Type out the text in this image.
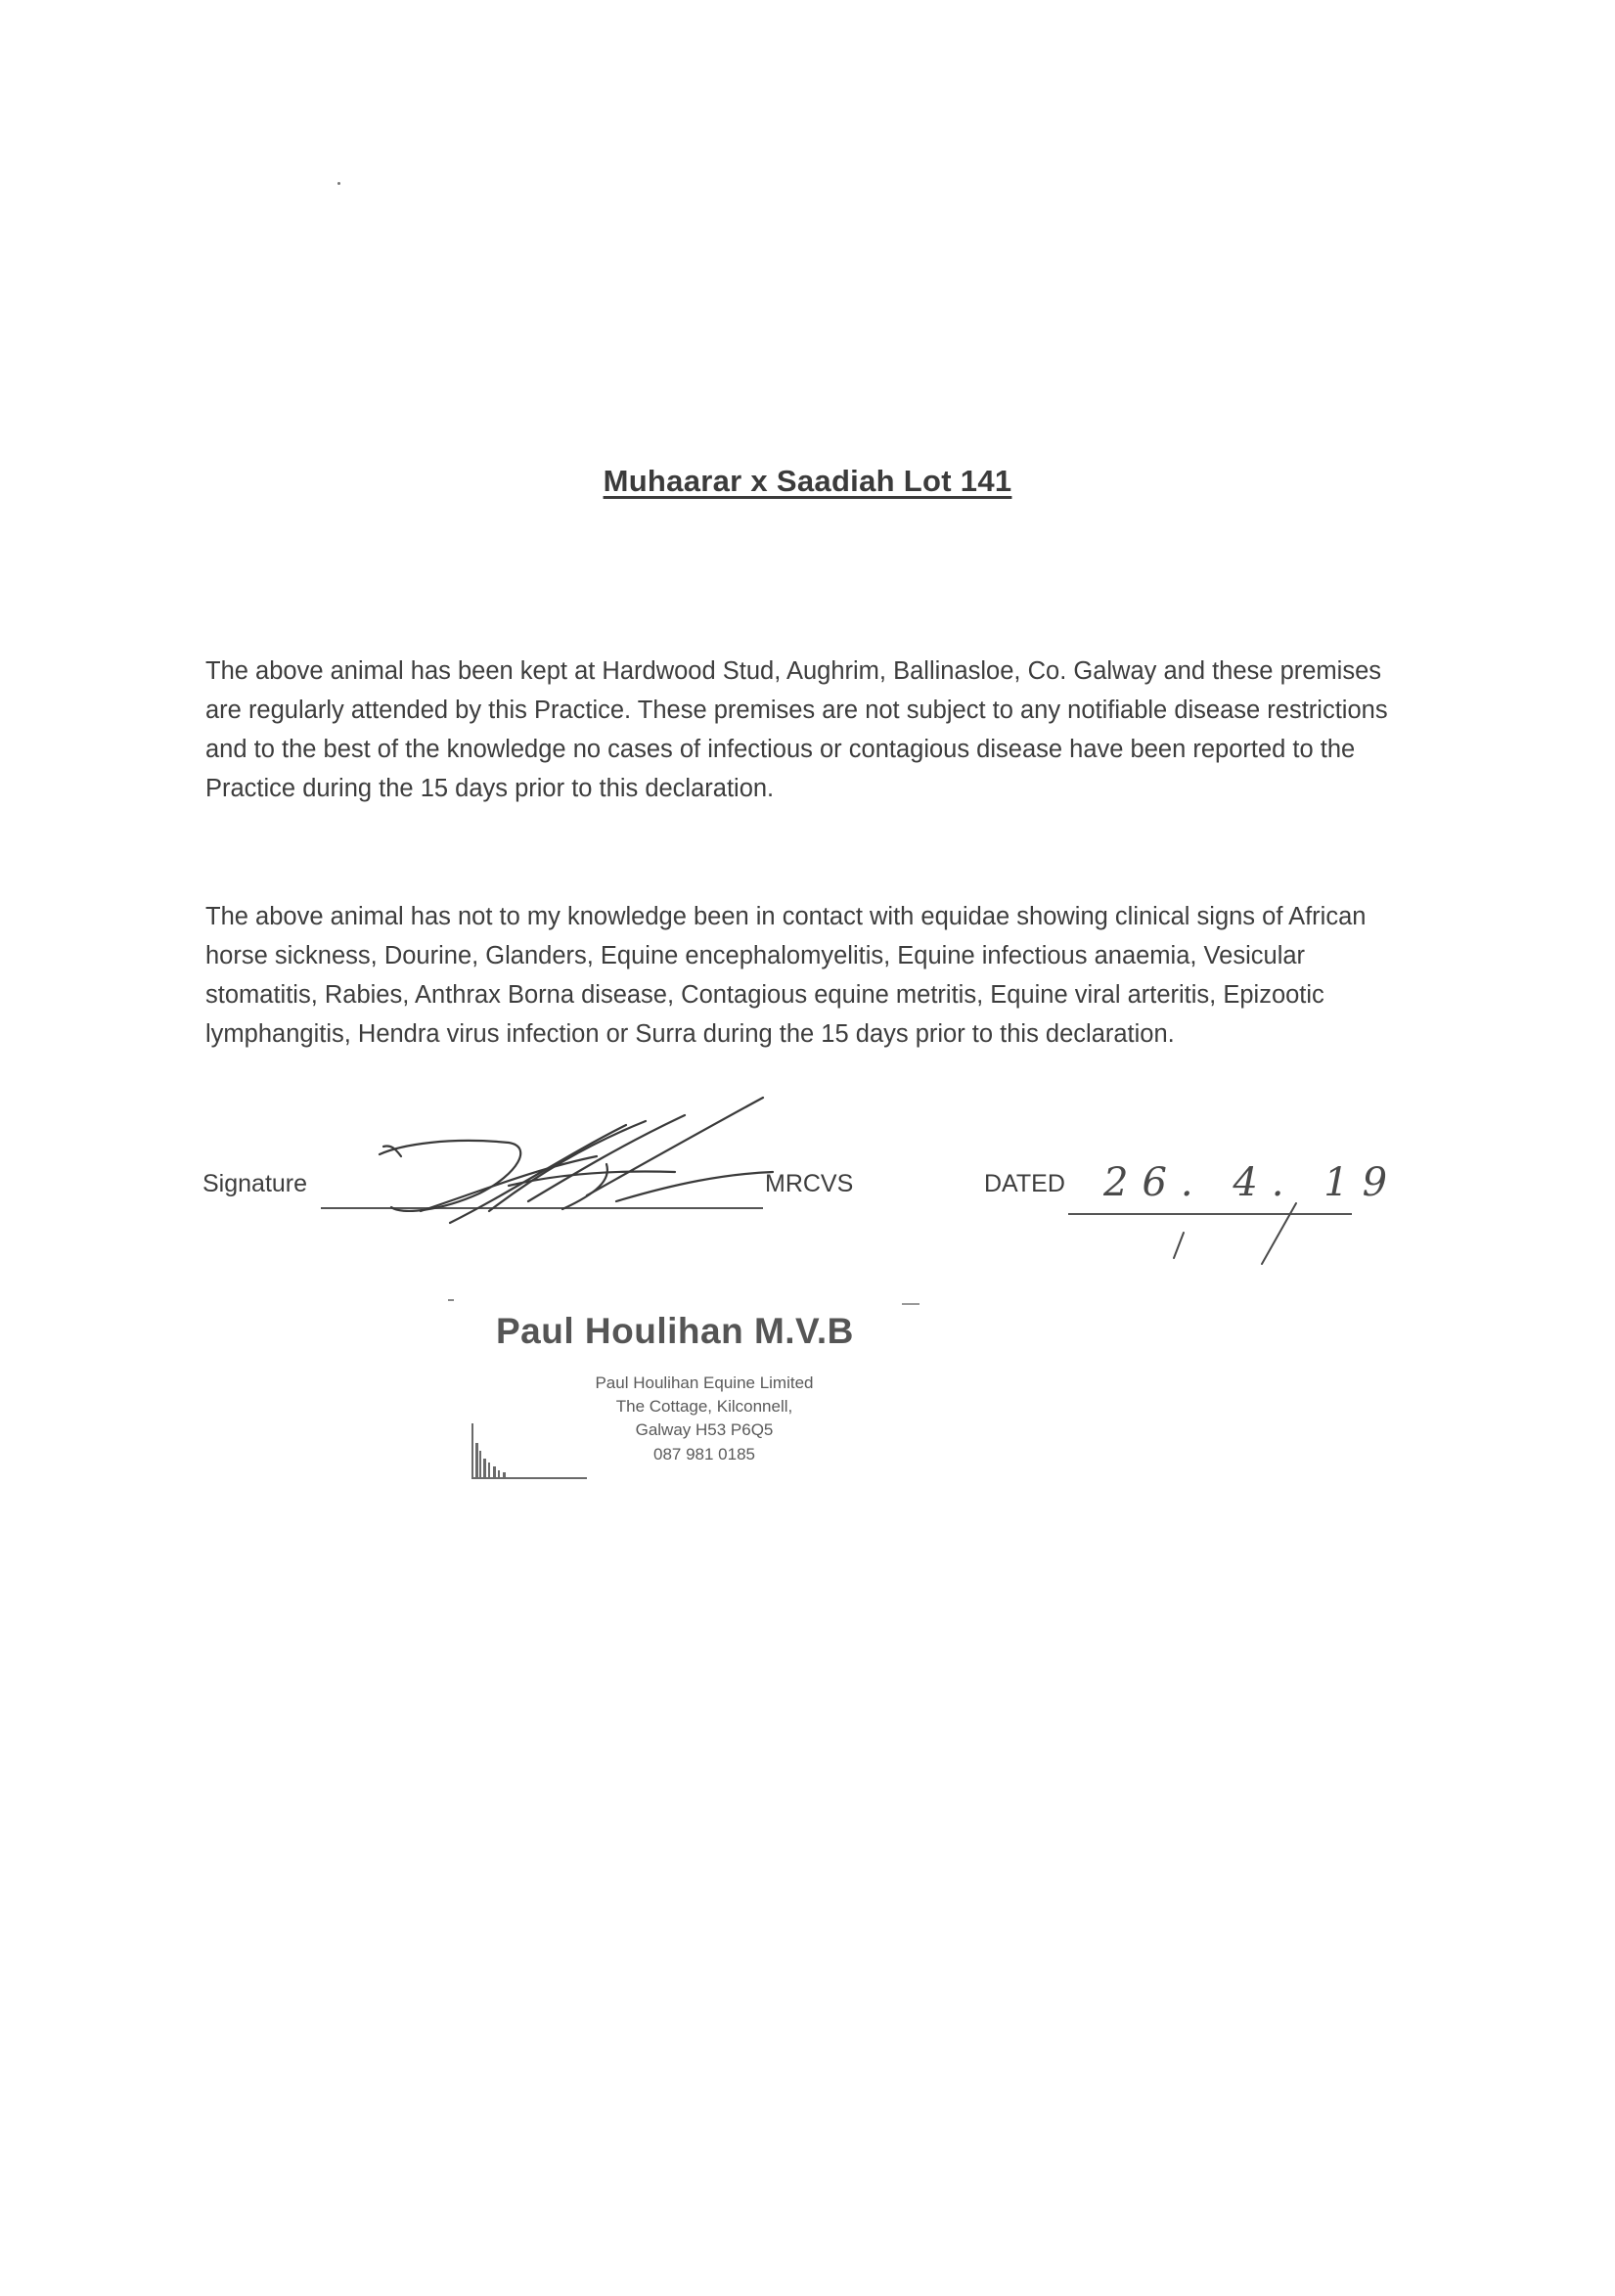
Muhaarar x Saadiah Lot 141

The above animal has been kept at Hardwood Stud, Aughrim, Ballinasloe, Co. Galway and these premises are regularly attended by this Practice. These premises are not subject to any notifiable disease restrictions and to the best of the knowledge no cases of infectious or contagious disease have been reported to the Practice during the 15 days prior to this declaration.

The above animal has not to my knowledge been in contact with equidae showing clinical signs of African horse sickness, Dourine, Glanders, Equine encephalomyelitis, Equine infectious anaemia, Vesicular stomatitis, Rabies, Anthrax Borna disease, Contagious equine metritis, Equine viral arteritis, Epizootic lymphangitis, Hendra virus infection or Surra during the 15 days prior to this declaration.

Signature	MRCVS	DATED 26. 4. 19
Paul Houlihan M.V.B
Paul Houlihan Equine Limited
The Cottage, Kilconnell,
Galway H53 P6Q5
087 981 0185
